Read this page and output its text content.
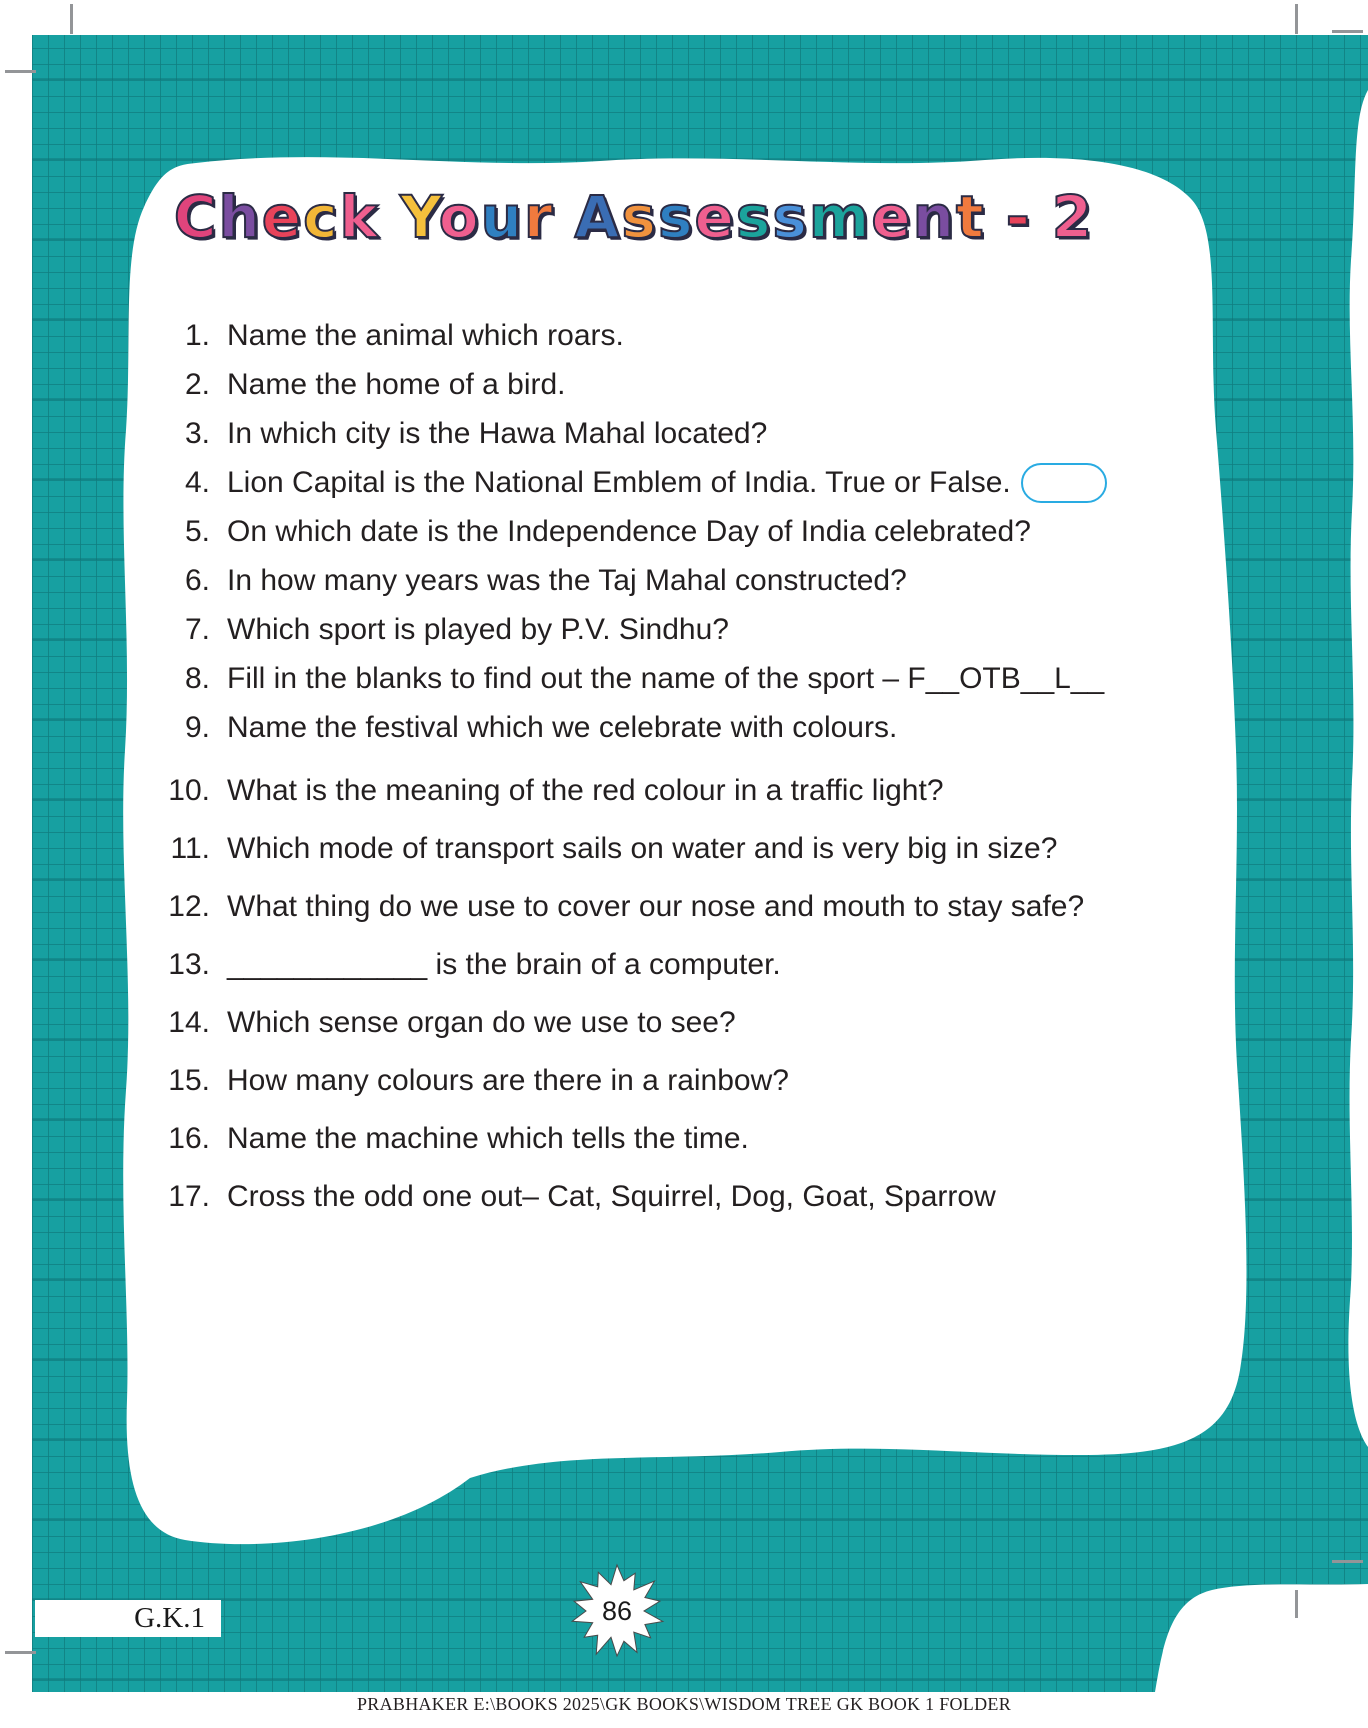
86
Check Your Assessment - 2
1. Name the animal which roars.
2. Name the home of a bird.
3. In which city is the Hawa Mahal located?
4. Lion Capital is the National Emblem of India. True or False.
5. On which date is the Independence Day of India celebrated?
6. In how many years was the Taj Mahal constructed?
7. Which sport is played by P.V. Sindhu?
8. Fill in the blanks to find out the name of the sport – F__OTB__L__
9. Name the festival which we celebrate with colours.
10. What is the meaning of the red colour in a traffic light?
11. Which mode of transport sails on water and is very big in size?
12. What thing do we use to cover our nose and mouth to stay safe?
13. ____________ is the brain of a computer.
14. Which sense organ do we use to see?
15. How many colours are there in a rainbow?
16. Name the machine which tells the time.
17. Cross the odd one out– Cat, Squirrel, Dog, Goat, Sparrow
G.K.1
PRABHAKER E:\BOOKS 2025\GK BOOKS\WISDOM TREE GK BOOK 1 FOLDER
